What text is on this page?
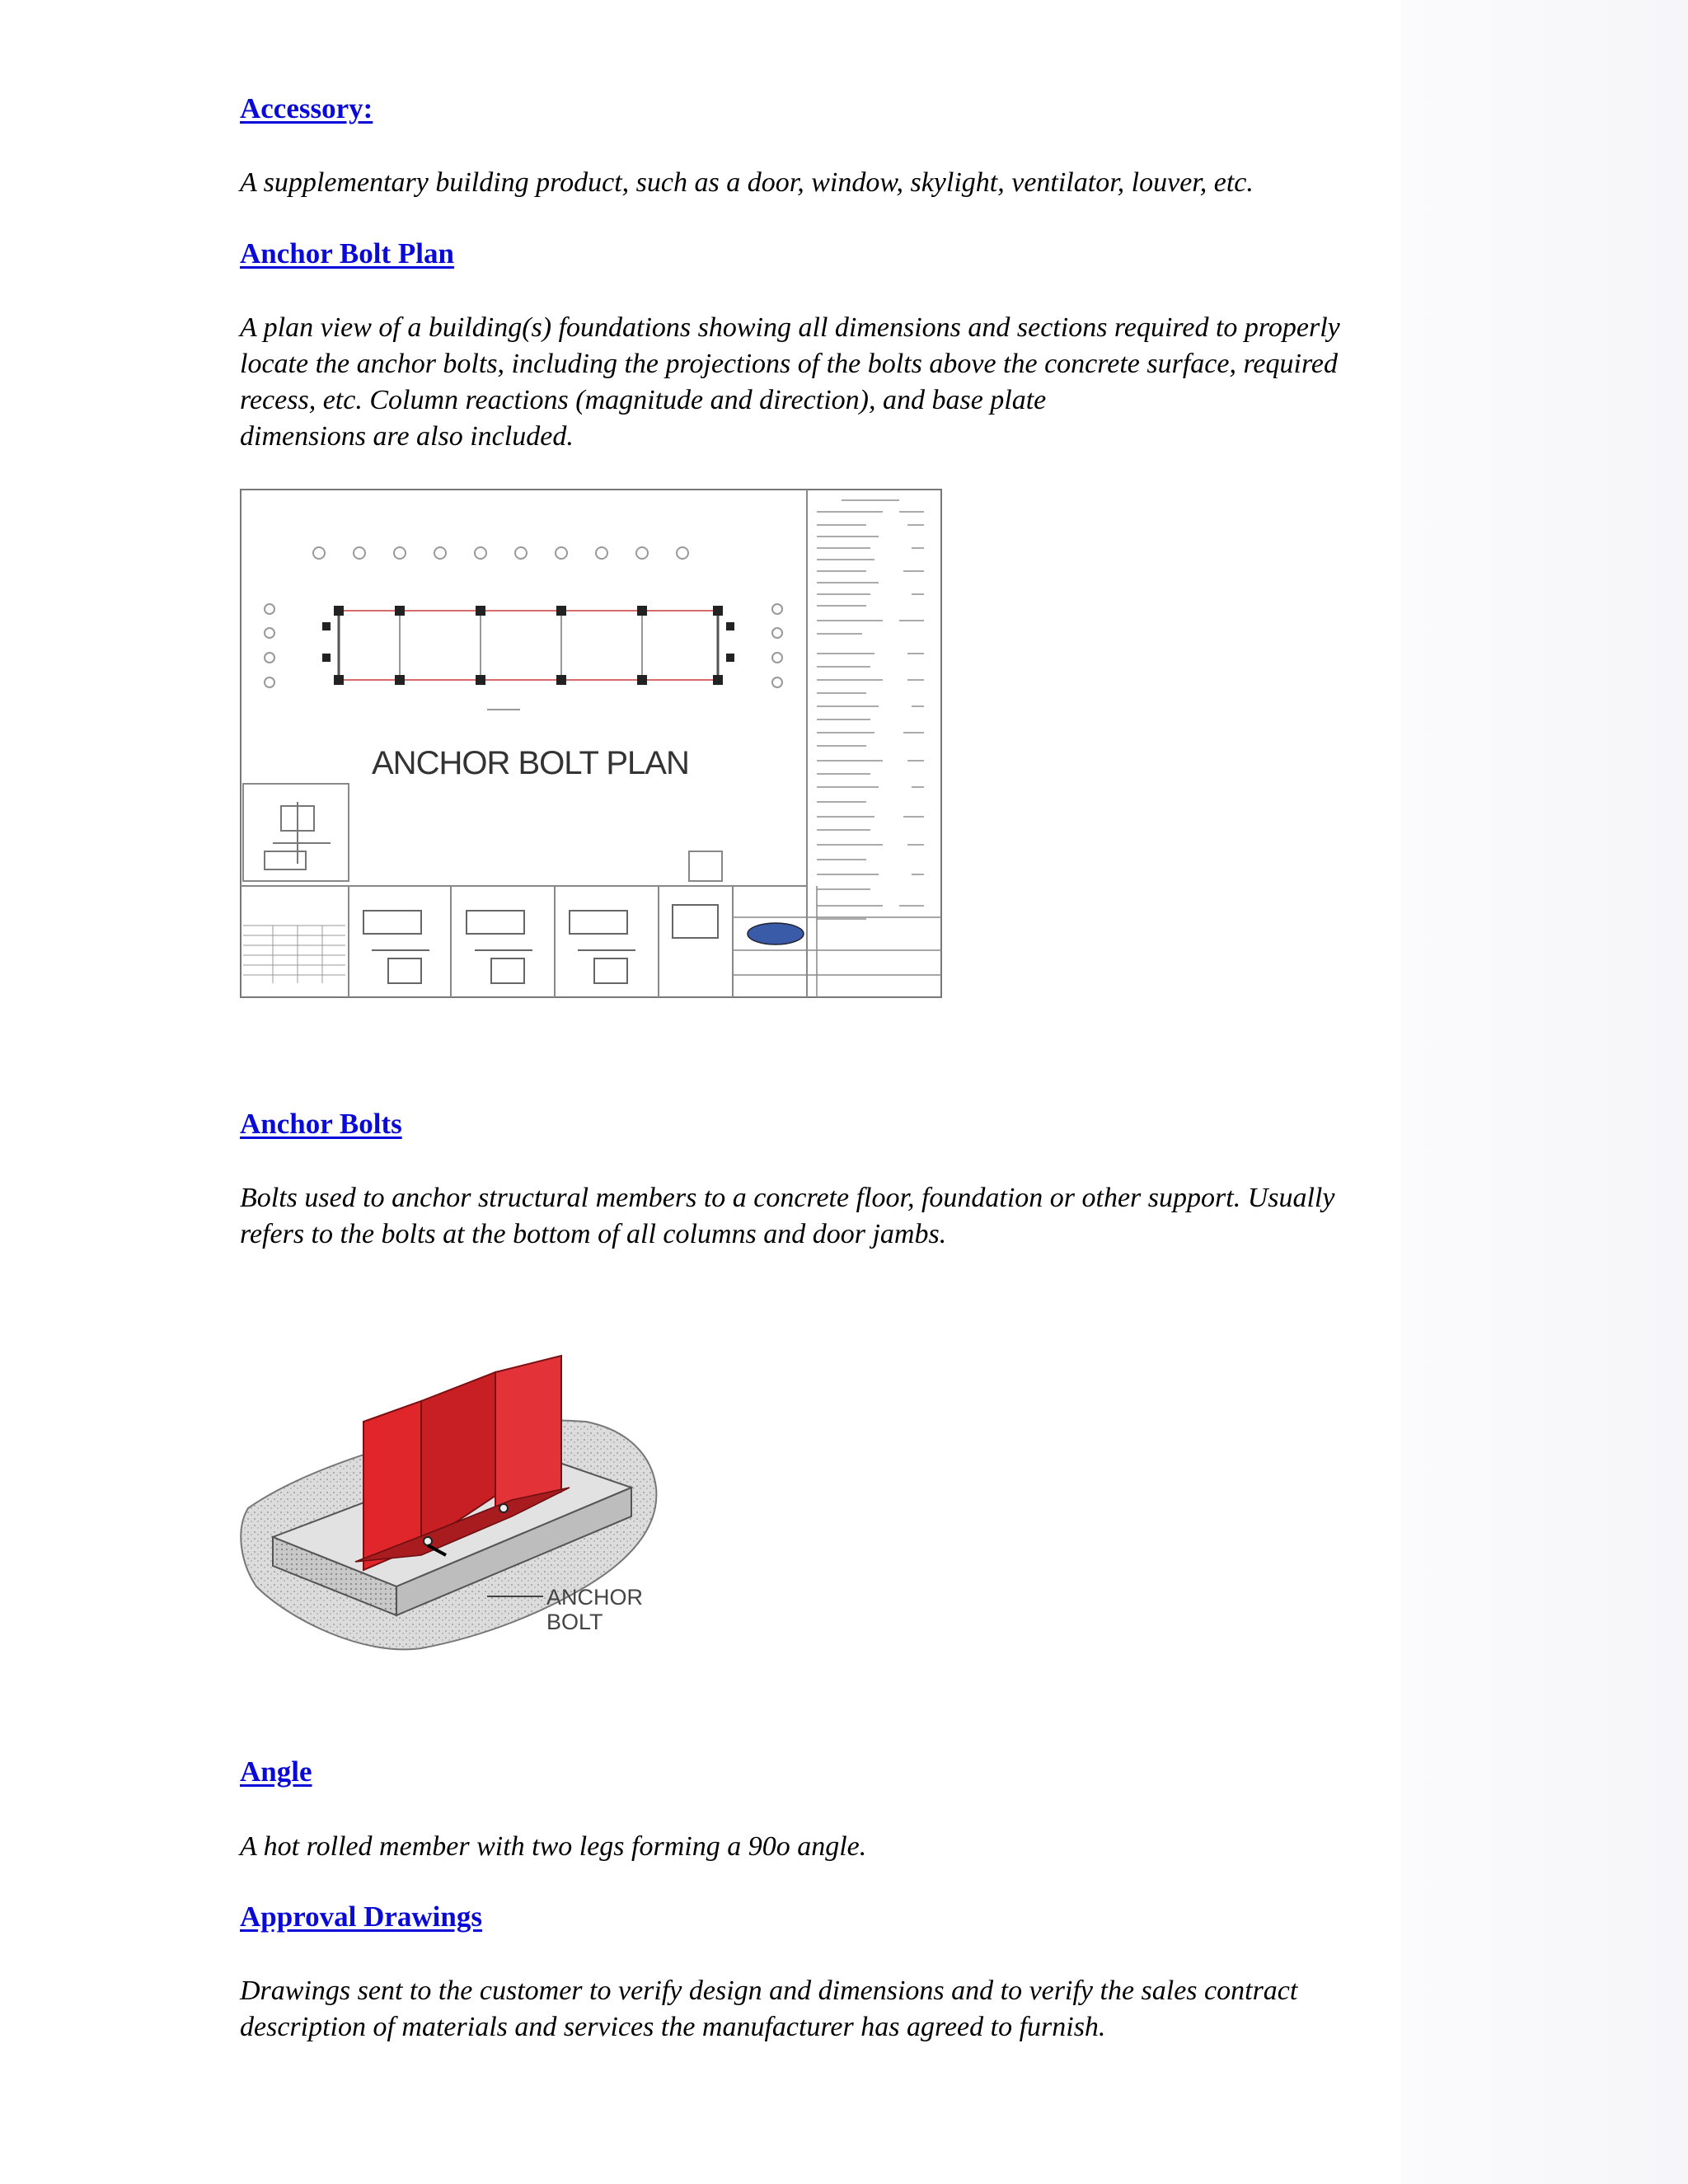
Accessory:
A supplementary building product, such as a door, window, skylight, ventilator, louver, etc.
Anchor Bolt Plan
A plan view of a building(s) foundations showing all dimensions and sections required to properly
locate the anchor bolts, including the projections of the bolts above the concrete surface, required
recess, etc. Column reactions (magnitude and direction), and base plate
dimensions are also included.
ANCHOR BOLT PLAN
Anchor Bolts
Bolts used to anchor structural members to a concrete floor, foundation or other support. Usually
refers to the bolts at the bottom of all columns and door jambs.
ANCHOR
BOLT
Angle
A hot rolled member with two legs forming a 90o angle.
Approval Drawings
Drawings sent to the customer to verify design and dimensions and to verify the sales contract
description of materials and services the manufacturer has agreed to furnish.
